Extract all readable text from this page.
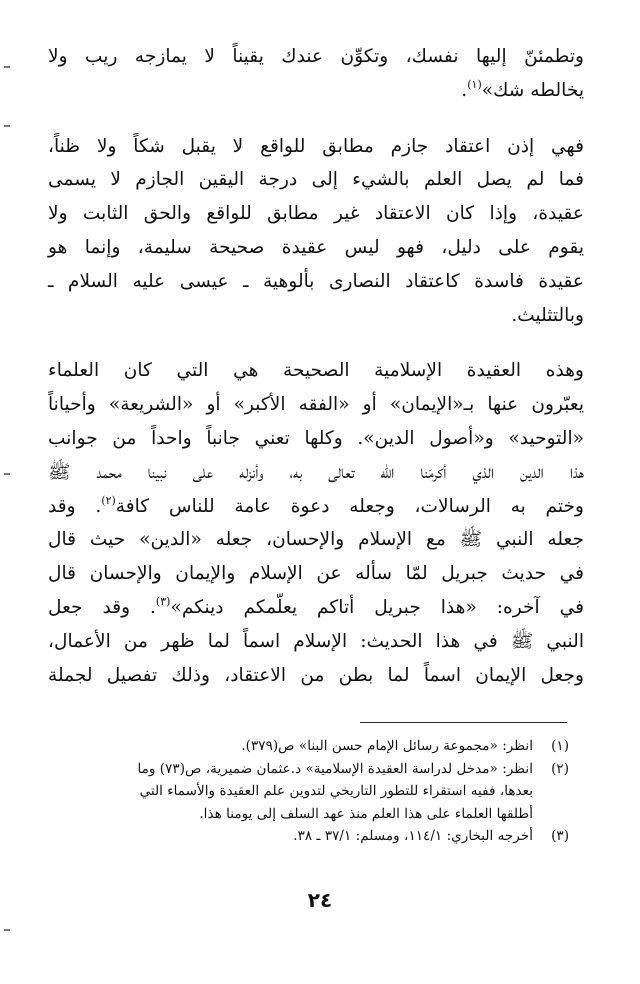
وتطمئنّ إليها نفسك، وتكوِّن عندك يقيناً لا يمازجه ريب ولا
يخالطه شك»$^{(١)}$.

فهي إذن اعتقاد جازم مطابق للواقع لا يقبل شكاً ولا ظناً،
فما لم يصل العلم بالشيء إلى درجة اليقين الجازم لا يسمى
عقيدة، وإذا كان الاعتقاد غير مطابق للواقع والحق الثابت ولا
يقوم على دليل، فهو ليس عقيدة صحيحة سليمة، وإنما هو
عقيدة فاسدة كاعتقاد النصارى بألوهية ـ عيسى عليه السلام ـ
وبالتثليث.

وهذه العقيدة الإسلامية الصحيحة هي التي كان العلماء
يعبّرون عنها بـ«الإيمان» أو «الفقه الأكبر» أو «الشريعة» وأحياناً
«التوحيد» و«أصول الدين». وكلها تعني جانباً واحداً من جوانب
هذا الدين الذي أكرمَنا الله تعالى به، وأنزله على نبينا محمد ﷺ
وختم به الرسالات، وجعله دعوة عامة للناس كافة$^{(٢)}$. وقد
جعله النبي ﷺ مع الإسلام والإحسان، جعله «الدين» حيث قال
في حديث جبريل لمّا سأله عن الإسلام والإيمان والإحسان قال
في آخره: «هذا جبريل أتاكم يعلّمكم دينكم»$^{(٣)}$. وقد جعل
النبي ﷺ في هذا الحديث: الإسلام اسماً لما ظهر من الأعمال،
وجعل الإيمان اسماً لما بطن من الاعتقاد، وذلك تفصيل لجملة

(١)
انظر: «مجموعة رسائل الإمام حسن البنا» ص(٣٧٩).
(٢)
انظر: «مدخل لدراسة العقيدة الإسلامية» د.عثمان ضميرية، ص(٧٣) وما
بعدها، ففيه استقراء للتطور التاريخي لتدوين علم العقيدة والأسماء التي
أطلقها العلماء على هذا العلم منذ عهد السلف إلى يومنا هذا.
(٣)
أخرجه البخاري: ١١٤/١، ومسلم: ٣٧/١ ـ ٣٨.
٢٤
